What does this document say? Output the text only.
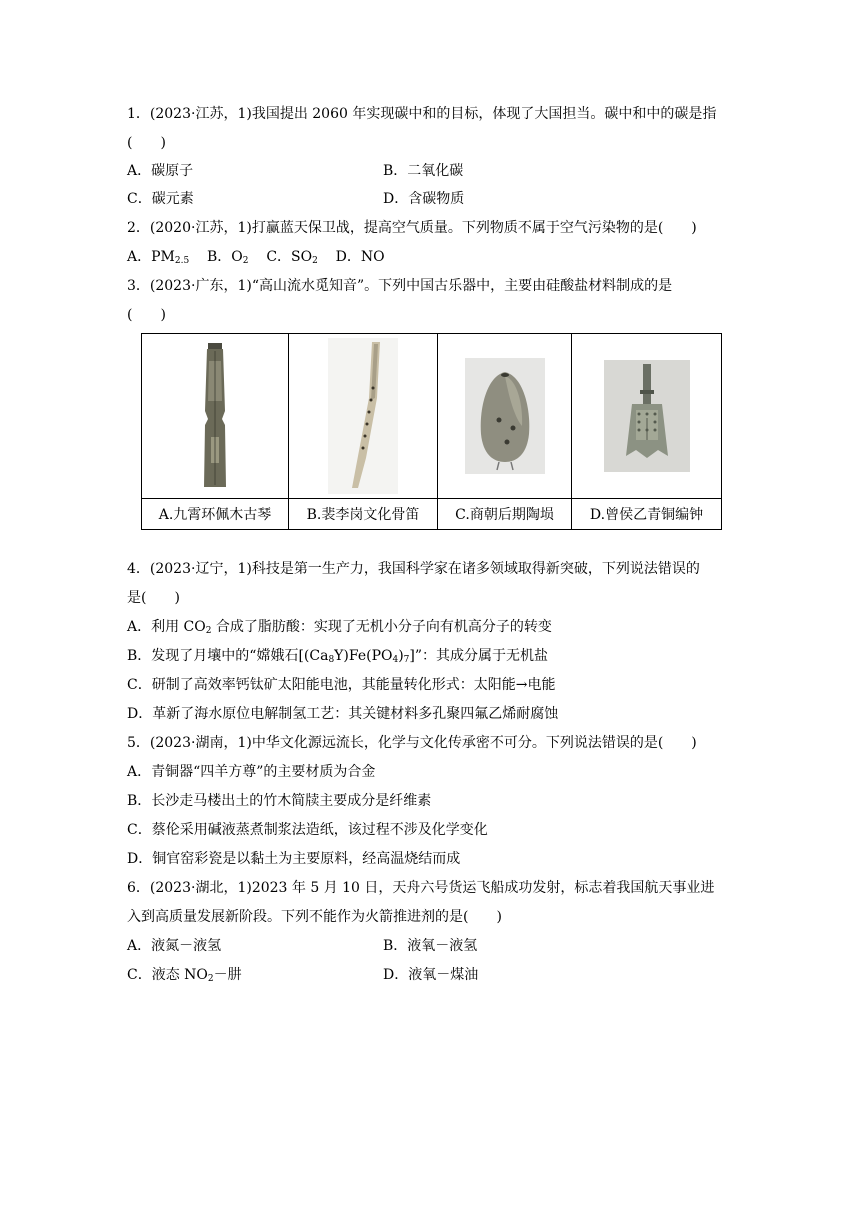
1．(2023·江苏，1)我国提出 2060 年实现碳中和的目标，体现了大国担当。碳中和中的碳是指
(　　)
A．碳原子	B．二氧化碳
C．碳元素	D．含碳物质
2．(2020·江苏，1)打赢蓝天保卫战，提高空气质量。下列物质不属于空气污染物的是(　　)
A．$PM_{2.5}$ B．$O_2$ C．$SO_2$ D．NO
3．(2023·广东，1)“高山流水觅知音”。下列中国古乐器中，主要由硅酸盐材料制成的是
(　　)

A.九霄环佩木古琴	B.裴李岗文化骨笛	C.商朝后期陶埙	D.曾侯乙青铜编钟
4．(2023·辽宁，1)科技是第一生产力，我国科学家在诸多领域取得新突破，下列说法错误的
是(　　)
A．利用 $CO_2$ 合成了脂肪酸：实现了无机小分子向有机高分子的转变
B．发现了月壤中的“嫦娥石$[(Ca_8Y)Fe(PO_4)_7]$”：其成分属于无机盐
C．研制了高效率钙钛矿太阳能电池，其能量转化形式：太阳能→电能
D．革新了海水原位电解制氢工艺：其关键材料多孔聚四氟乙烯耐腐蚀
5．(2023·湖南，1)中华文化源远流长，化学与文化传承密不可分。下列说法错误的是(　　)
A．青铜器“四羊方尊”的主要材质为合金
B．长沙走马楼出土的竹木简牍主要成分是纤维素
C．蔡伦采用碱液蒸煮制浆法造纸，该过程不涉及化学变化
D．铜官窑彩瓷是以黏土为主要原料，经高温烧结而成
6．(2023·湖北，1)2023 年 5 月 10 日，天舟六号货运飞船成功发射，标志着我国航天事业进
入到高质量发展新阶段。下列不能作为火箭推进剂的是(　　)
A．液氮－液氢	B．液氧－液氢
C．液态 $NO_2-$肼	D．液氧－煤油
